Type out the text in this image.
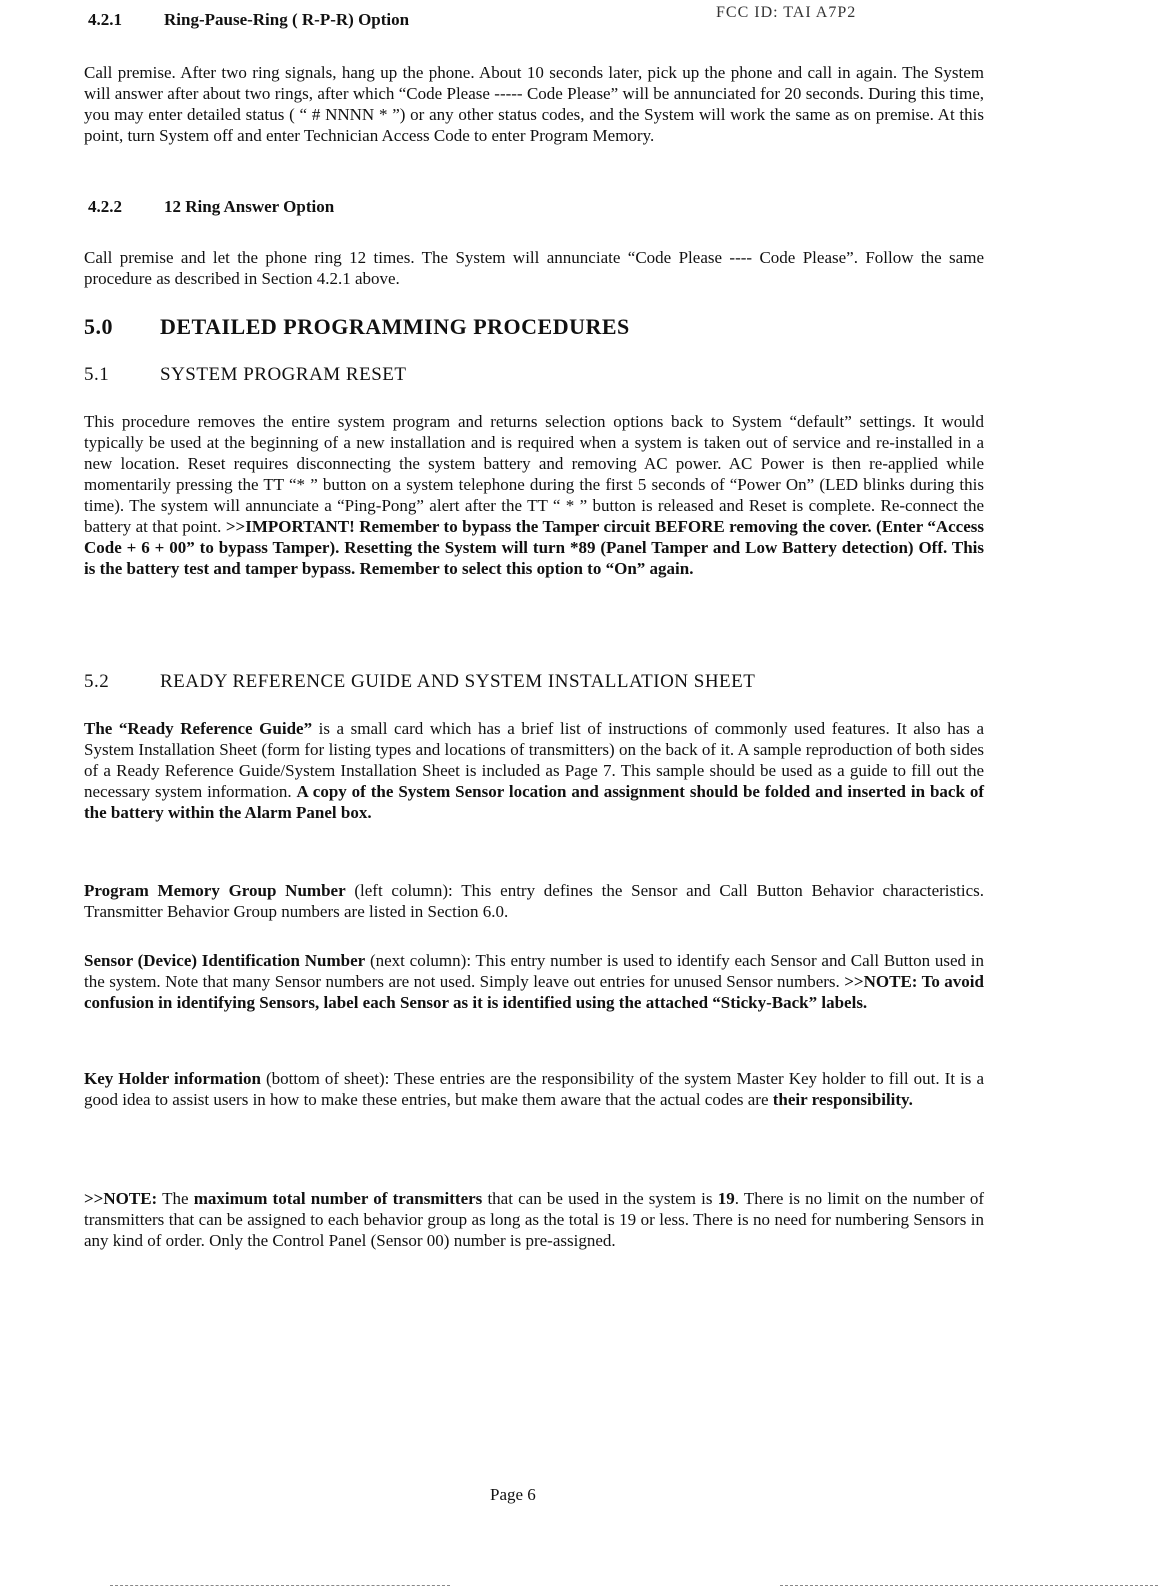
FCC ID: TAI A7P2
4.2.1 Ring-Pause-Ring ( R-P-R) Option
Call premise. After two ring signals, hang up the phone. About 10 seconds later, pick up the phone and call in again. The System will answer after about two rings, after which “Code Please ----- Code Please” will be annunciated for 20 seconds. During this time, you may enter detailed status ( “ # NNNN * ”) or any other status codes, and the System will work the same as on premise. At this point, turn System off and enter Technician Access Code to enter Program Memory.
4.2.2 12 Ring Answer Option
Call premise and let the phone ring 12 times. The System will annunciate “Code Please ---- Code Please”. Follow the same procedure as described in Section 4.2.1 above.
5.0 DETAILED PROGRAMMING PROCEDURES
5.1	SYSTEM PROGRAM RESET
This procedure removes the entire system program and returns selection options back to System “default” settings. It would typically be used at the beginning of a new installation and is required when a system is taken out of service and re-installed in a new location. Reset requires disconnecting the system battery and removing AC power. AC Power is then re-applied while momentarily pressing the TT “* ” button on a system telephone during the first 5 seconds of “Power On” (LED blinks during this time). The system will annunciate a “Ping-Pong” alert after the TT “ * ” button is released and Reset is complete. Re-connect the battery at that point. >>IMPORTANT! Remember to bypass the Tamper circuit BEFORE removing the cover. (Enter “Access Code + 6 + 00” to bypass Tamper). Resetting the System will turn *89 (Panel Tamper and Low Battery detection) Off. This is the battery test and tamper bypass. Remember to select this option to “On” again.
5.2	READY REFERENCE GUIDE AND SYSTEM INSTALLATION SHEET
The “Ready Reference Guide” is a small card which has a brief list of instructions of commonly used features. It also has a System Installation Sheet (form for listing types and locations of transmitters) on the back of it. A sample reproduction of both sides of a Ready Reference Guide/System Installation Sheet is included as Page 7. This sample should be used as a guide to fill out the necessary system information. A copy of the System Sensor location and assignment should be folded and inserted in back of the battery within the Alarm Panel box.
Program Memory Group Number (left column): This entry defines the Sensor and Call Button Behavior characteristics. Transmitter Behavior Group numbers are listed in Section 6.0.
Sensor (Device) Identification Number (next column): This entry number is used to identify each Sensor and Call Button used in the system. Note that many Sensor numbers are not used. Simply leave out entries for unused Sensor numbers. >>NOTE: To avoid confusion in identifying Sensors, label each Sensor as it is identified using the attached “Sticky-Back” labels.
Key Holder information (bottom of sheet): These entries are the responsibility of the system Master Key holder to fill out. It is a good idea to assist users in how to make these entries, but make them aware that the actual codes are their responsibility.
>>NOTE: The maximum total number of transmitters that can be used in the system is 19. There is no limit on the number of transmitters that can be assigned to each behavior group as long as the total is 19 or less. There is no need for numbering Sensors in any kind of order. Only the Control Panel (Sensor 00) number is pre-assigned.
Page 6
